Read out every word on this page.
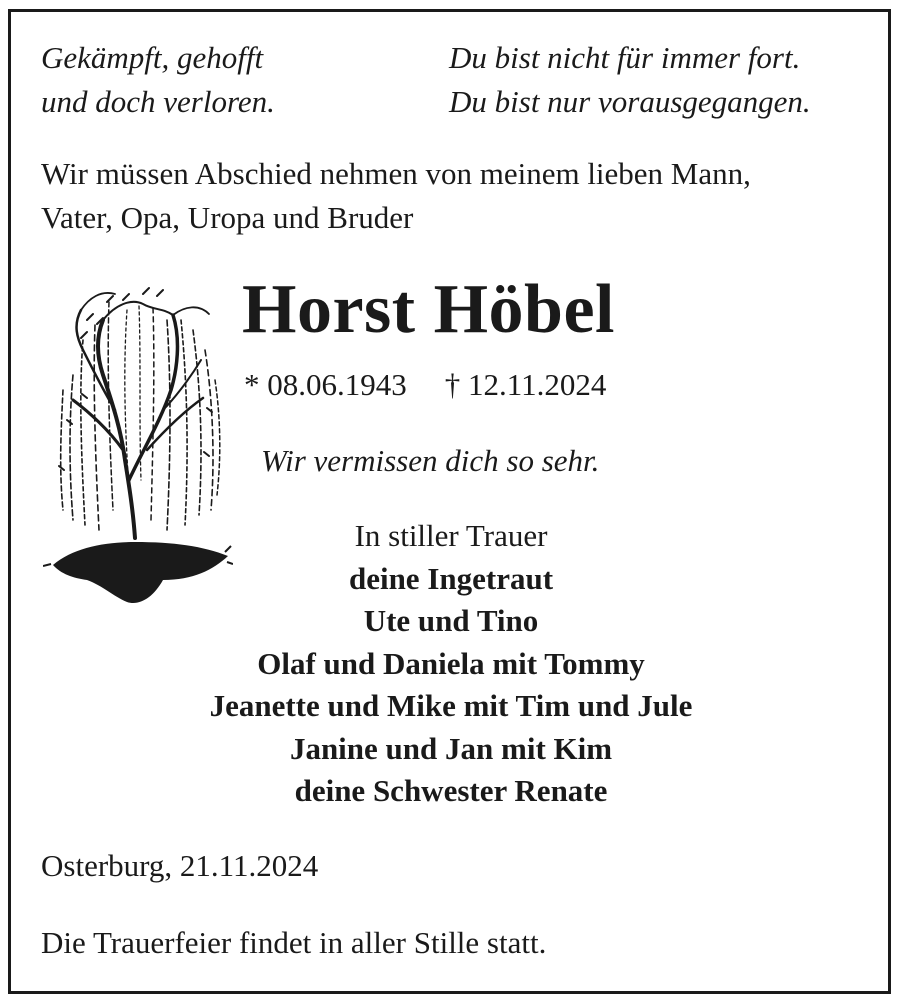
Gekämpft, gehofft
und doch verloren.
Du bist nicht für immer fort.
Du bist nur vorausgegangen.
Wir müssen Abschied nehmen von meinem lieben Mann,
Vater, Opa, Uropa und Bruder
Horst Höbel
* 08.06.1943 † 12.11.2024
Wir vermissen dich so sehr.
In stiller Trauer
deine Ingetraut
Ute und Tino
Olaf und Daniela mit Tommy
Jeanette und Mike mit Tim und Jule
Janine und Jan mit Kim
deine Schwester Renate
Osterburg, 21.11.2024
Die Trauerfeier findet in aller Stille statt.
